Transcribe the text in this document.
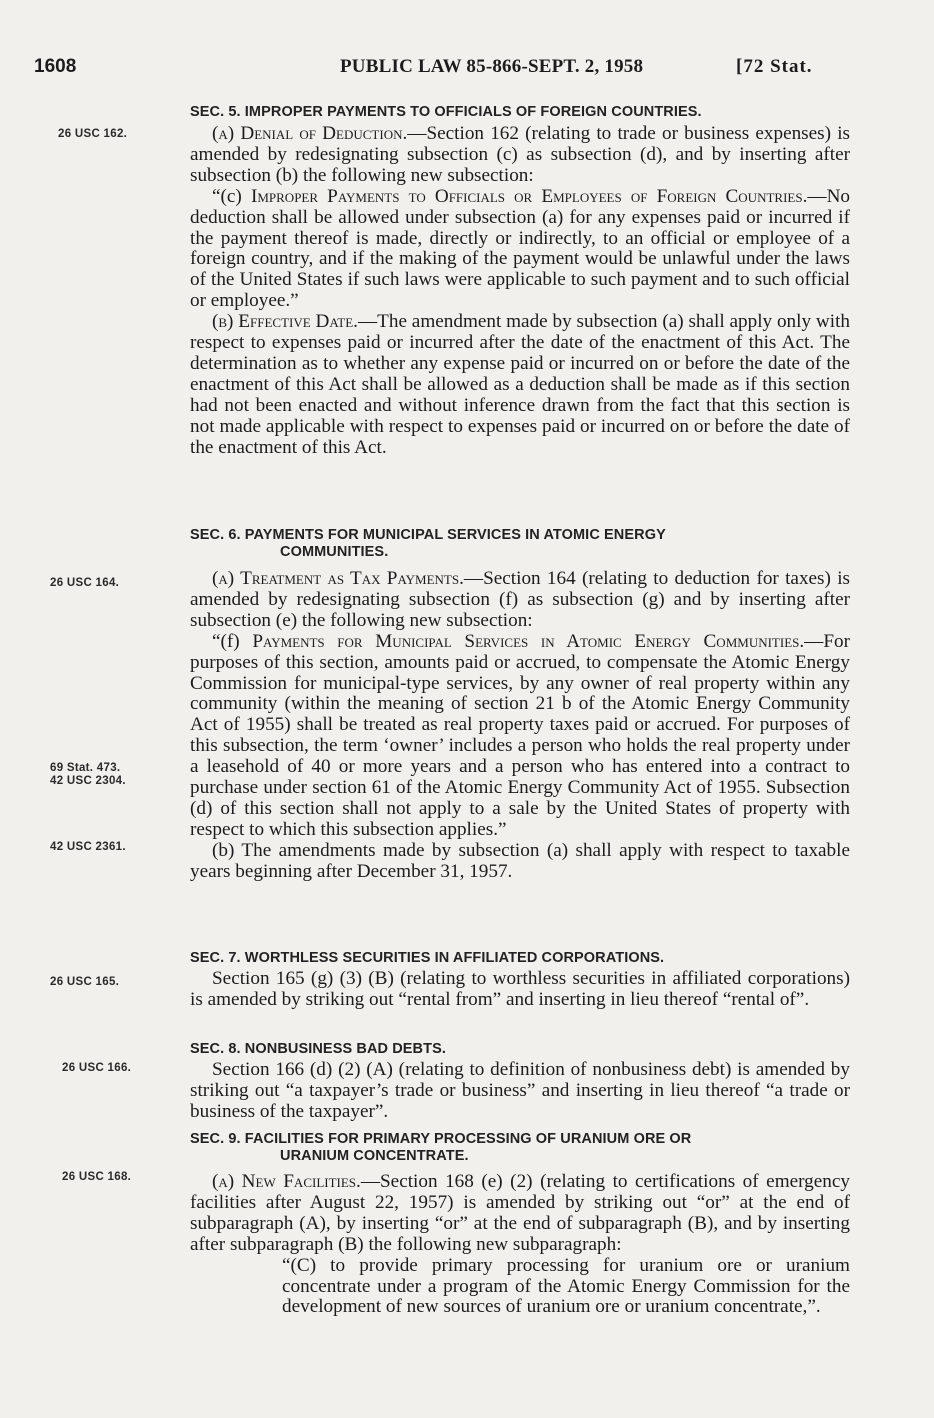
1608	PUBLIC LAW 85-866-SEPT. 2, 1958	[72 Stat.
26 USC 162.
26 USC 164.
69 Stat. 473.
42 USC 2304.
42 USC 2361.
26 USC 165.
26 USC 166.
26 USC 168.
SEC. 5. IMPROPER PAYMENTS TO OFFICIALS OF FOREIGN COUNTRIES.

(a) Denial of Deduction.—Section 162 (relating to trade or business expenses) is amended by redesignating subsection (c) as subsection (d), and by inserting after subsection (b) the following new subsection:

“(c) Improper Payments to Officials or Employees of Foreign Countries.—No deduction shall be allowed under subsection (a) for any expenses paid or incurred if the payment thereof is made, directly or indirectly, to an official or employee of a foreign country, and if the making of the payment would be unlawful under the laws of the United States if such laws were applicable to such payment and to such official or employee.”

(b) Effective Date.—The amendment made by subsection (a) shall apply only with respect to expenses paid or incurred after the date of the enactment of this Act. The determination as to whether any expense paid or incurred on or before the date of the enactment of this Act shall be allowed as a deduction shall be made as if this section had not been enacted and without inference drawn from the fact that this section is not made applicable with respect to expenses paid or incurred on or before the date of the enactment of this Act.

SEC. 6. PAYMENTS FOR MUNICIPAL SERVICES IN ATOMIC ENERGY
COMMUNITIES.

(a) Treatment as Tax Payments.—Section 164 (relating to deduction for taxes) is amended by redesignating subsection (f) as subsection (g) and by inserting after subsection (e) the following new subsection:

“(f) Payments for Municipal Services in Atomic Energy Communities.—For purposes of this section, amounts paid or accrued, to compensate the Atomic Energy Commission for municipal-type services, by any owner of real property within any community (within the meaning of section 21 b of the Atomic Energy Community Act of 1955) shall be treated as real property taxes paid or accrued. For purposes of this subsection, the term ‘owner’ includes a person who holds the real property under a leasehold of 40 or more years and a person who has entered into a contract to purchase under section 61 of the Atomic Energy Community Act of 1955. Subsection (d) of this section shall not apply to a sale by the United States of property with respect to which this subsection applies.”

(b) The amendments made by subsection (a) shall apply with respect to taxable years beginning after December 31, 1957.

SEC. 7. WORTHLESS SECURITIES IN AFFILIATED CORPORATIONS.

Section 165 (g) (3) (B) (relating to worthless securities in affiliated corporations) is amended by striking out “rental from” and inserting in lieu thereof “rental of”.

SEC. 8. NONBUSINESS BAD DEBTS.

Section 166 (d) (2) (A) (relating to definition of nonbusiness debt) is amended by striking out “a taxpayer’s trade or business” and inserting in lieu thereof “a trade or business of the taxpayer”.

SEC. 9. FACILITIES FOR PRIMARY PROCESSING OF URANIUM ORE OR
URANIUM CONCENTRATE.

(a) New Facilities.—Section 168 (e) (2) (relating to certifications of emergency facilities after August 22, 1957) is amended by striking out “or” at the end of subparagraph (A), by inserting “or” at the end of subparagraph (B), and by inserting after subparagraph (B) the following new subparagraph:

“(C) to provide primary processing for uranium ore or uranium concentrate under a program of the Atomic Energy Commission for the development of new sources of uranium ore or uranium concentrate,”.
